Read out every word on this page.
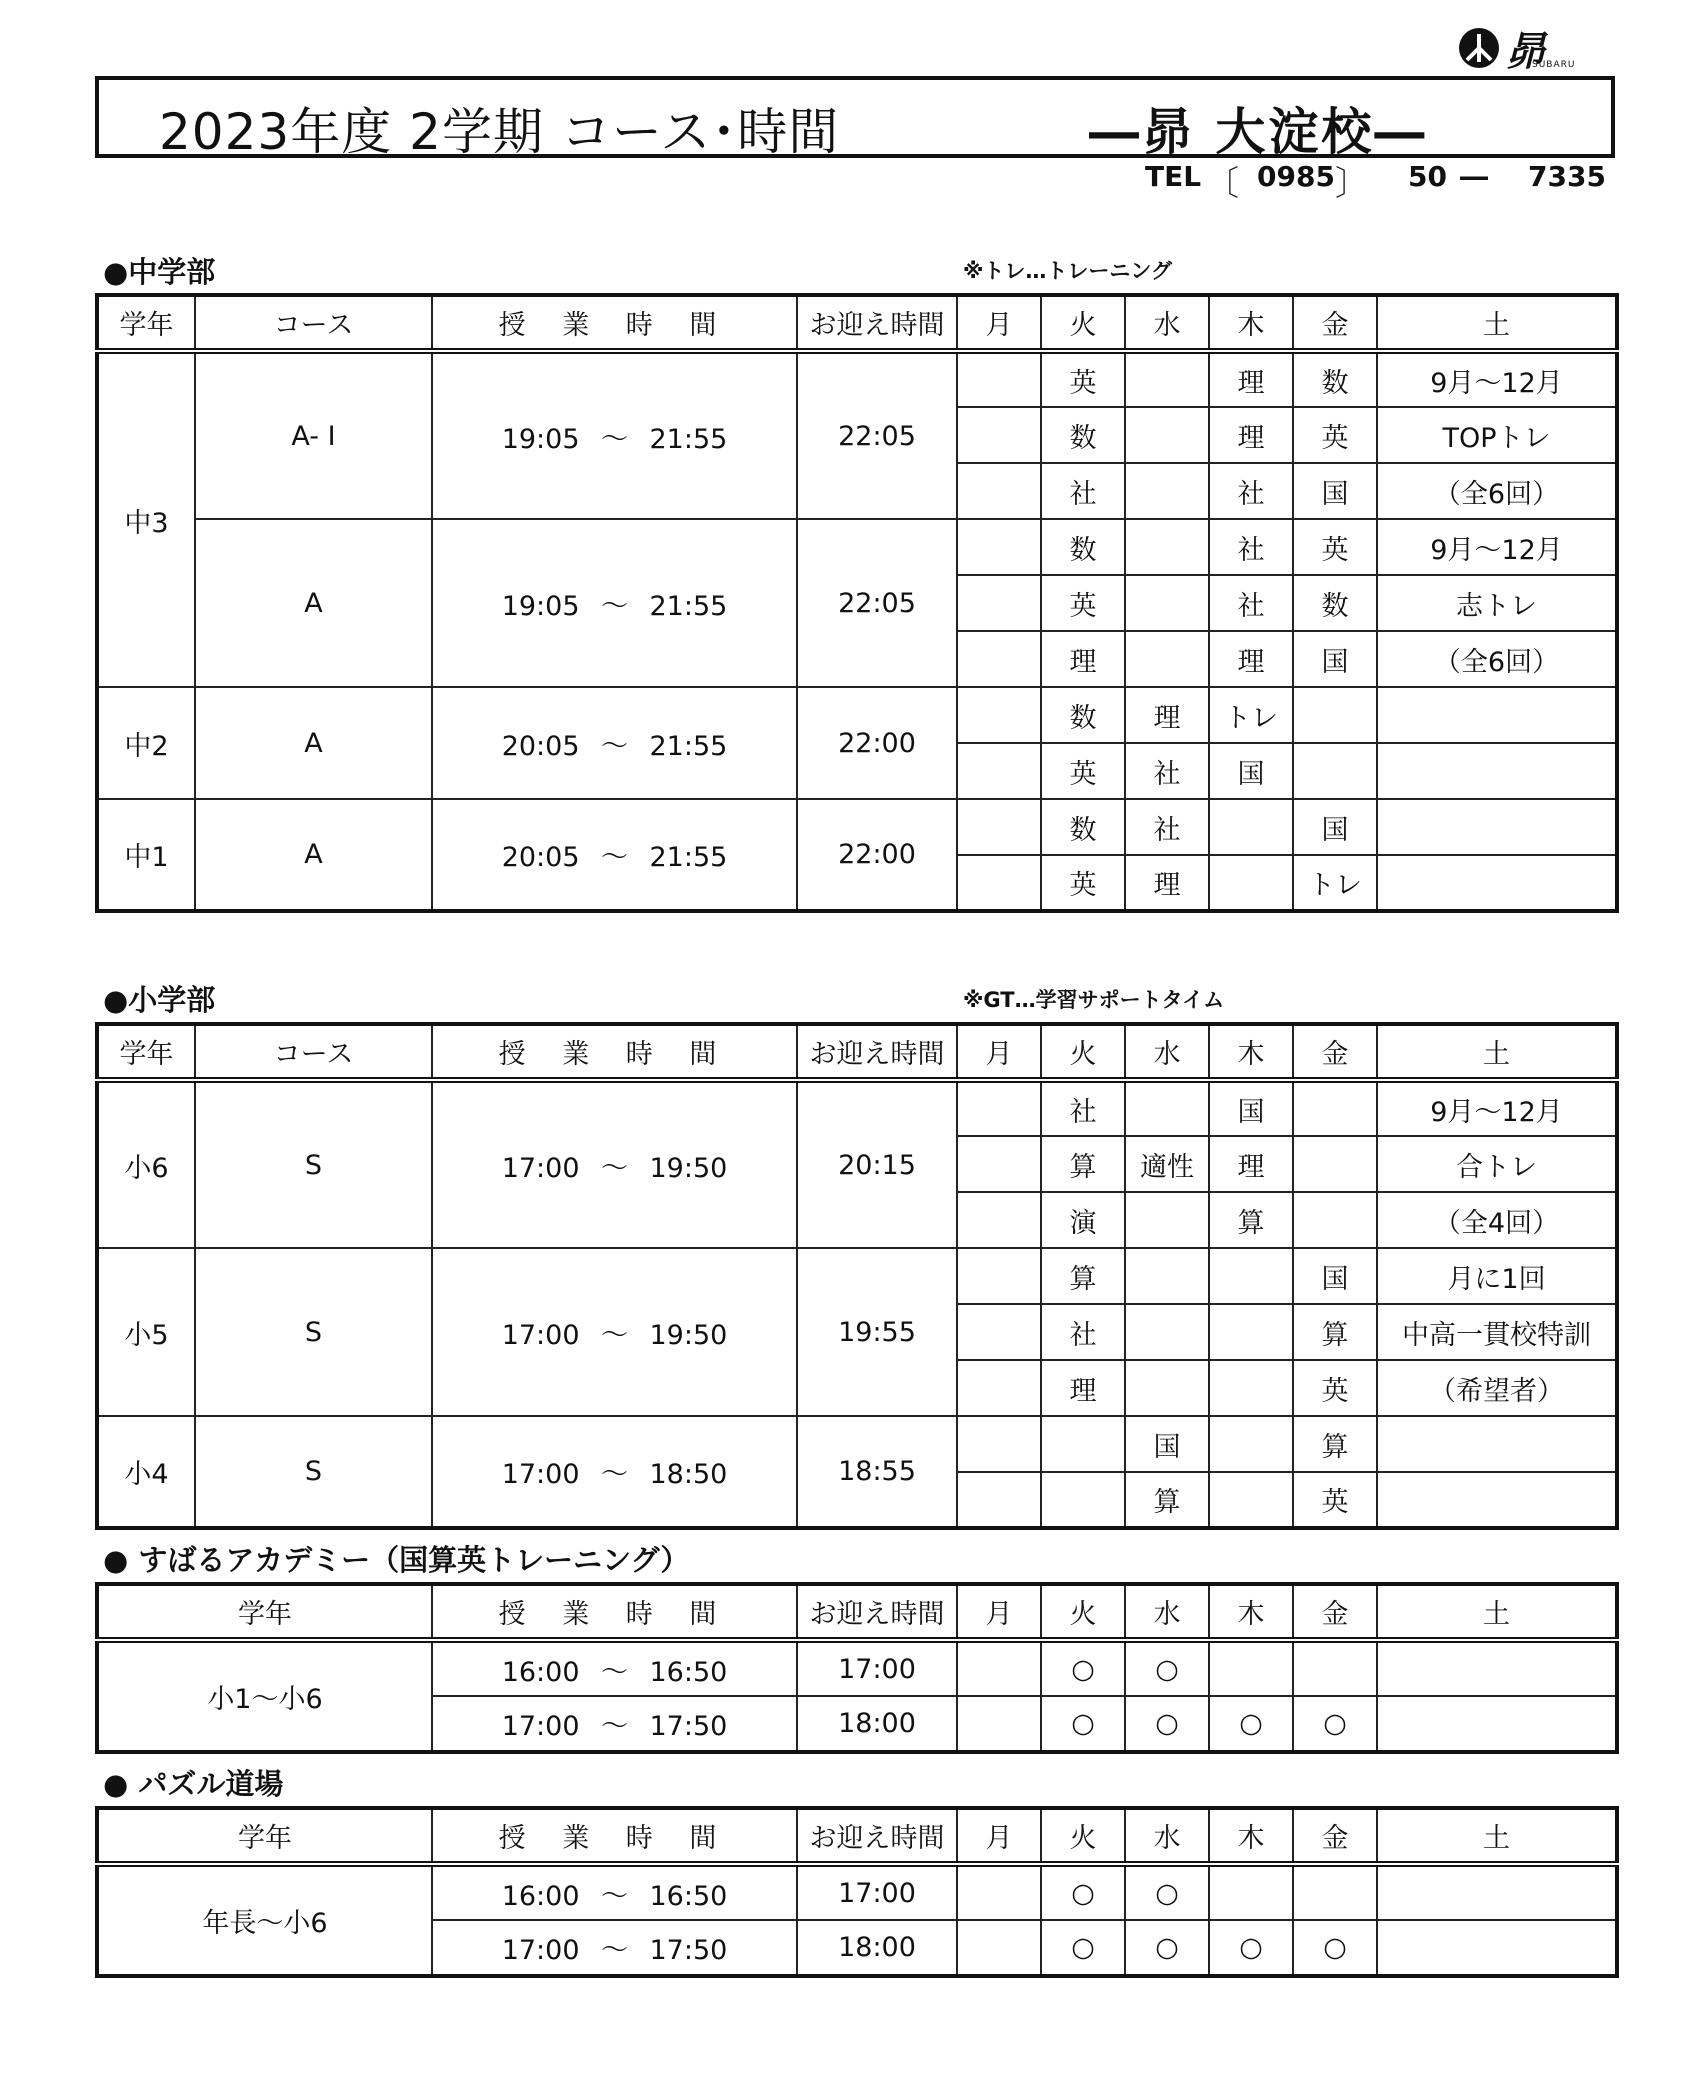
昴
SUBARU
2023年度 2学期 コース･時間	―昴 大淀校―
TEL 〔 0985 〕 50 ― 7335
●中学部	※トレ…トレーニング
学年	コース	授 業 時 間	お迎え時間	月	火	水	木	金	土
中3	A- I	19:05 ～ 21:55	22:05		英		理	数	9月～12月
					数		理	英	TOPトレ
					社		社	国	（全6回）
	A	19:05 ～ 21:55	22:05		数		社	英	9月～12月
					英		社	数	志トレ
					理		理	国	（全6回）
中2	A	20:05 ～ 21:55	22:00		数	理	トレ		
					英	社	国		
中1	A	20:05 ～ 21:55	22:00		数	社		国	
					英	理		トレ	
●小学部	※GT…学習サポートタイム
学年	コース	授 業 時 間	お迎え時間	月	火	水	木	金	土
小6	S	17:00 ～ 19:50	20:15		社		国		9月～12月
					算	適性	理		合トレ
					演		算		（全4回）
小5	S	17:00 ～ 19:50	19:55		算			国	月に1回
					社			算	中高一貫校特訓
					理			英	（希望者）
小4	S	17:00 ～ 18:50	18:55			国		算	
						算		英	
● すばるアカデミー（国算英トレーニング）
学年	授 業 時 間	お迎え時間	月	火	水	木	金	土
小1～小6	16:00 ～ 16:50	17:00		○	○			
	17:00 ～ 17:50	18:00		○	○	○	○	
● パズル道場
学年	授 業 時 間	お迎え時間	月	火	水	木	金	土
年長～小6	16:00 ～ 16:50	17:00		○	○			
	17:00 ～ 17:50	18:00		○	○	○	○	
